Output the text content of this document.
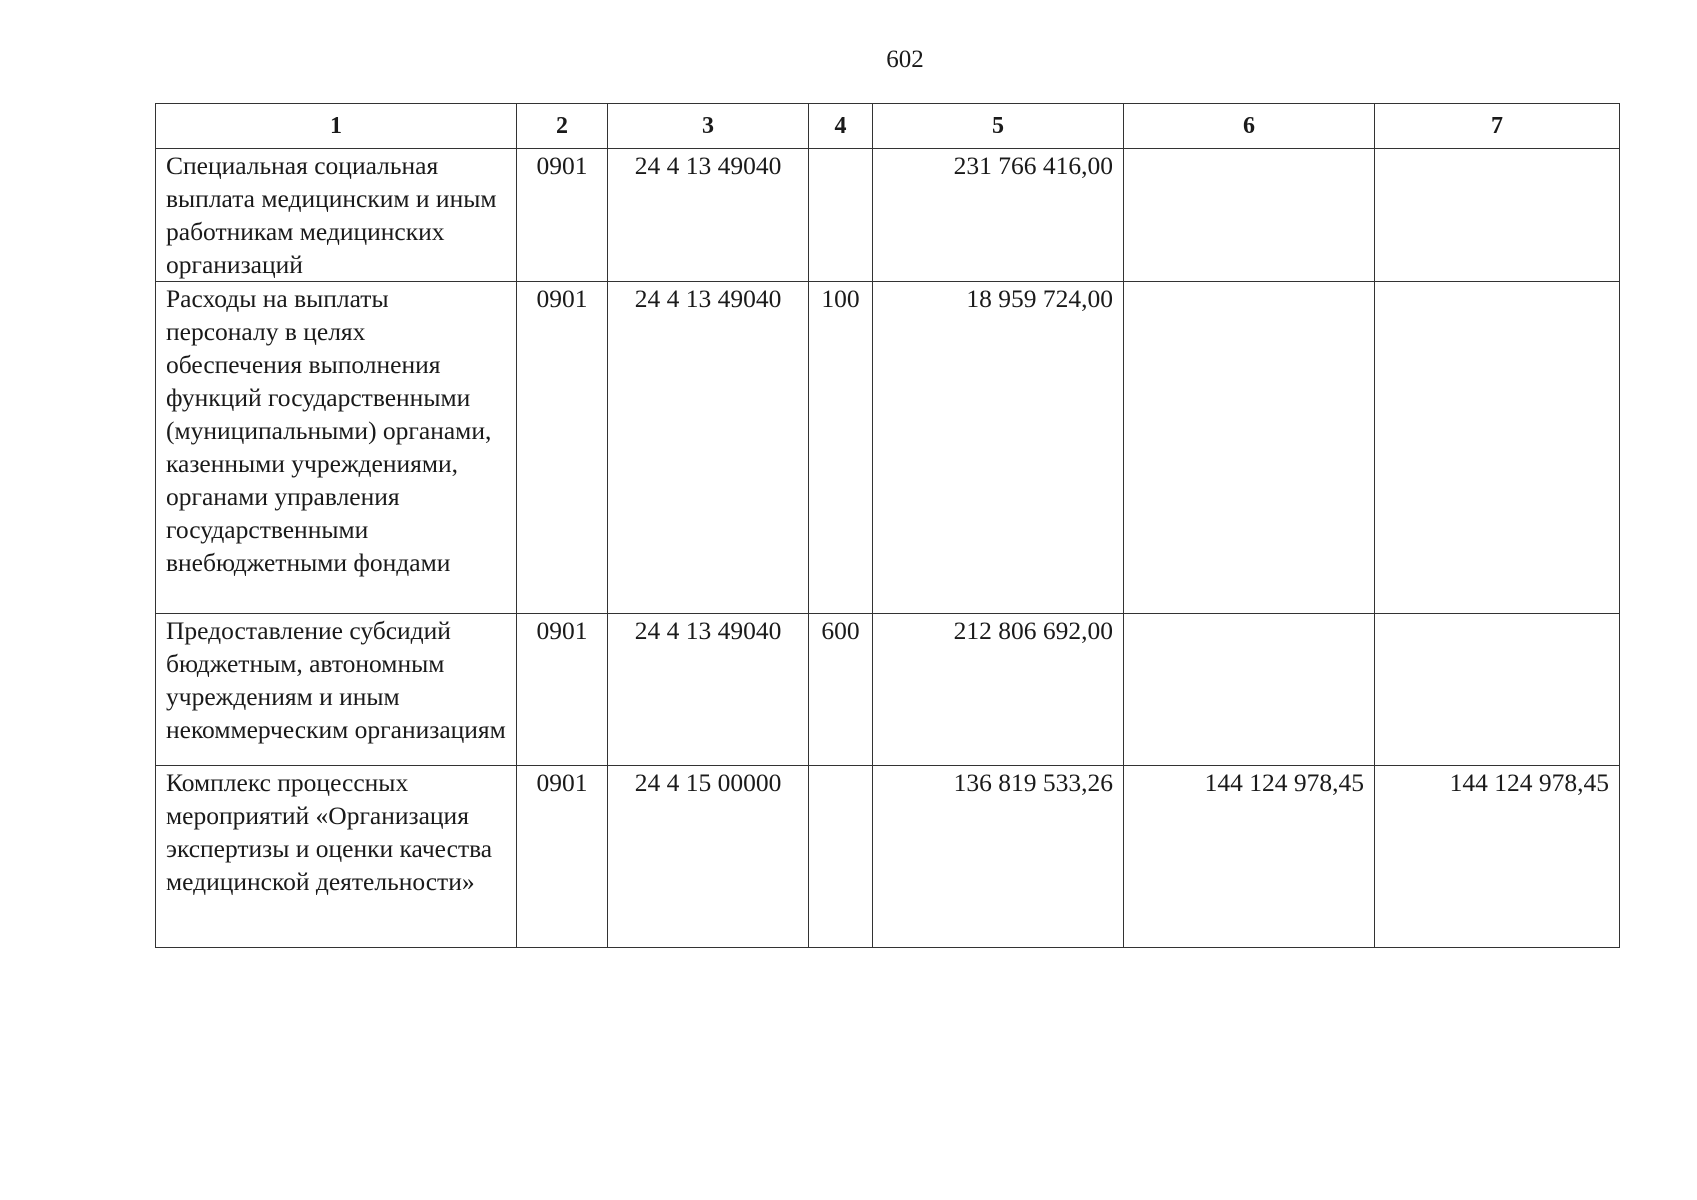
602
1	2	3	4	5	6	7
Специальная социальная выплата медицинским и иным работникам медицинских организаций	0901	24 4 13 49040		231 766 416,00		
Расходы на выплаты персоналу в целях обеспечения выполнения функций государственными (муниципальными) органами, казенными учреждениями, органами управления государственными внебюджетными фондами	0901	24 4 13 49040	100	18 959 724,00		
Предоставление субсидий бюджетным, автономным учреждениям и иным некоммерческим организациям	0901	24 4 13 49040	600	212 806 692,00		
Комплекс процессных мероприятий «Организация экспертизы и оценки качества медицинской деятельности»	0901	24 4 15 00000		136 819 533,26	144 124 978,45	144 124 978,45
